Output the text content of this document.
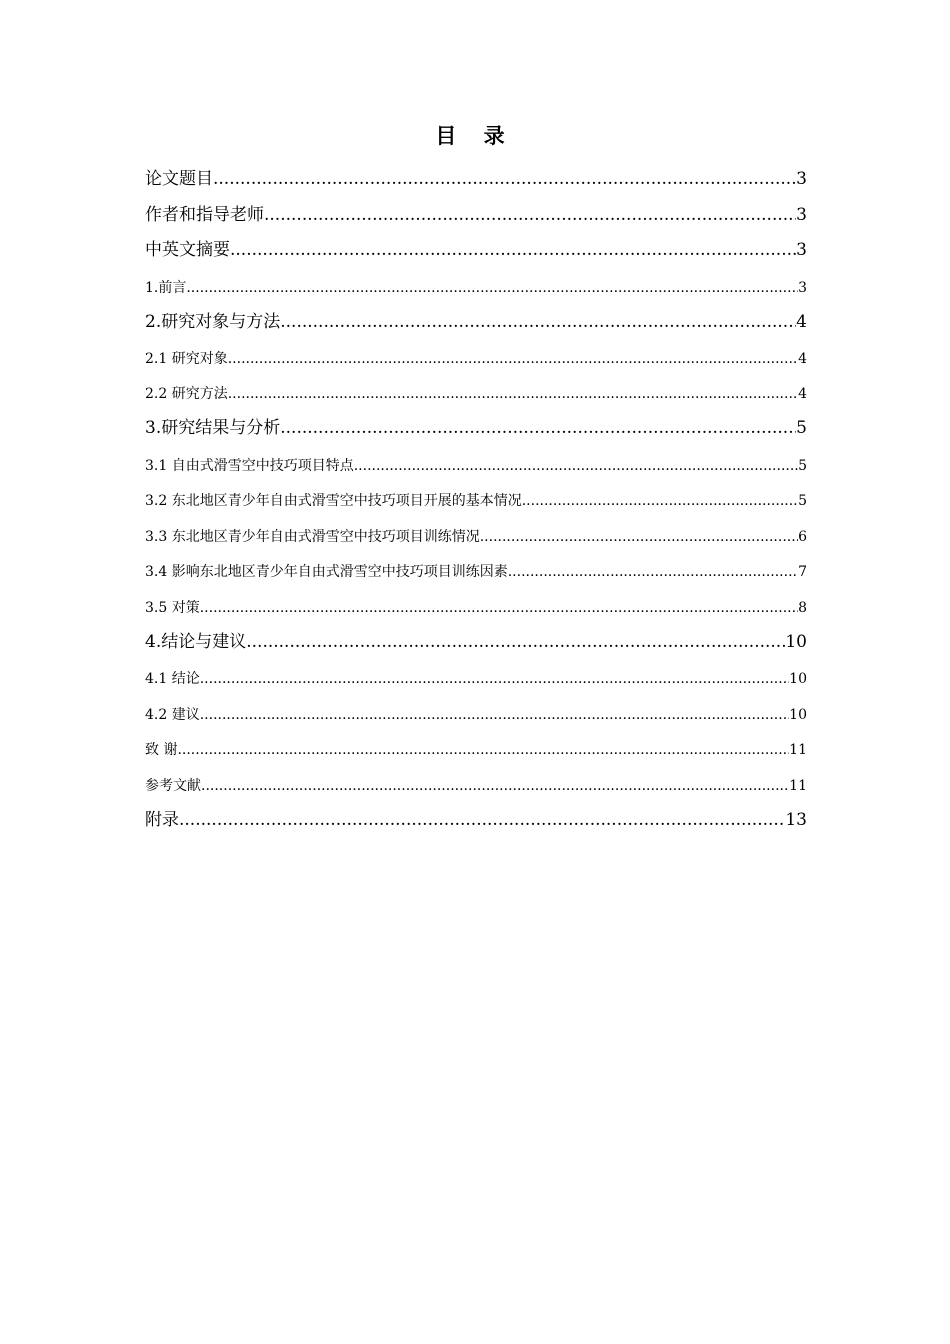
目 录
论文题目 .....	3
作者和指导老师 .....	3
中英文摘要 .....	3
1.前言 .....	3
2.研究对象与方法 .....	4
2.1 研究对象 .....	4
2.2 研究方法 .....	4
3.研究结果与分析 .....	5
3.1 自由式滑雪空中技巧项目特点 .....	5
3.2 东北地区青少年自由式滑雪空中技巧项目开展的基本情况 .....	5
3.3 东北地区青少年自由式滑雪空中技巧项目训练情况 .....	6
3.4 影响东北地区青少年自由式滑雪空中技巧项目训练因素 .....	7
3.5 对策 .....	8
4.结论与建议 .....	10
4.1 结论 .....	10
4.2 建议 .....	10
致 谢 .....	11
参考文献 .....	11
附录 .....	13
